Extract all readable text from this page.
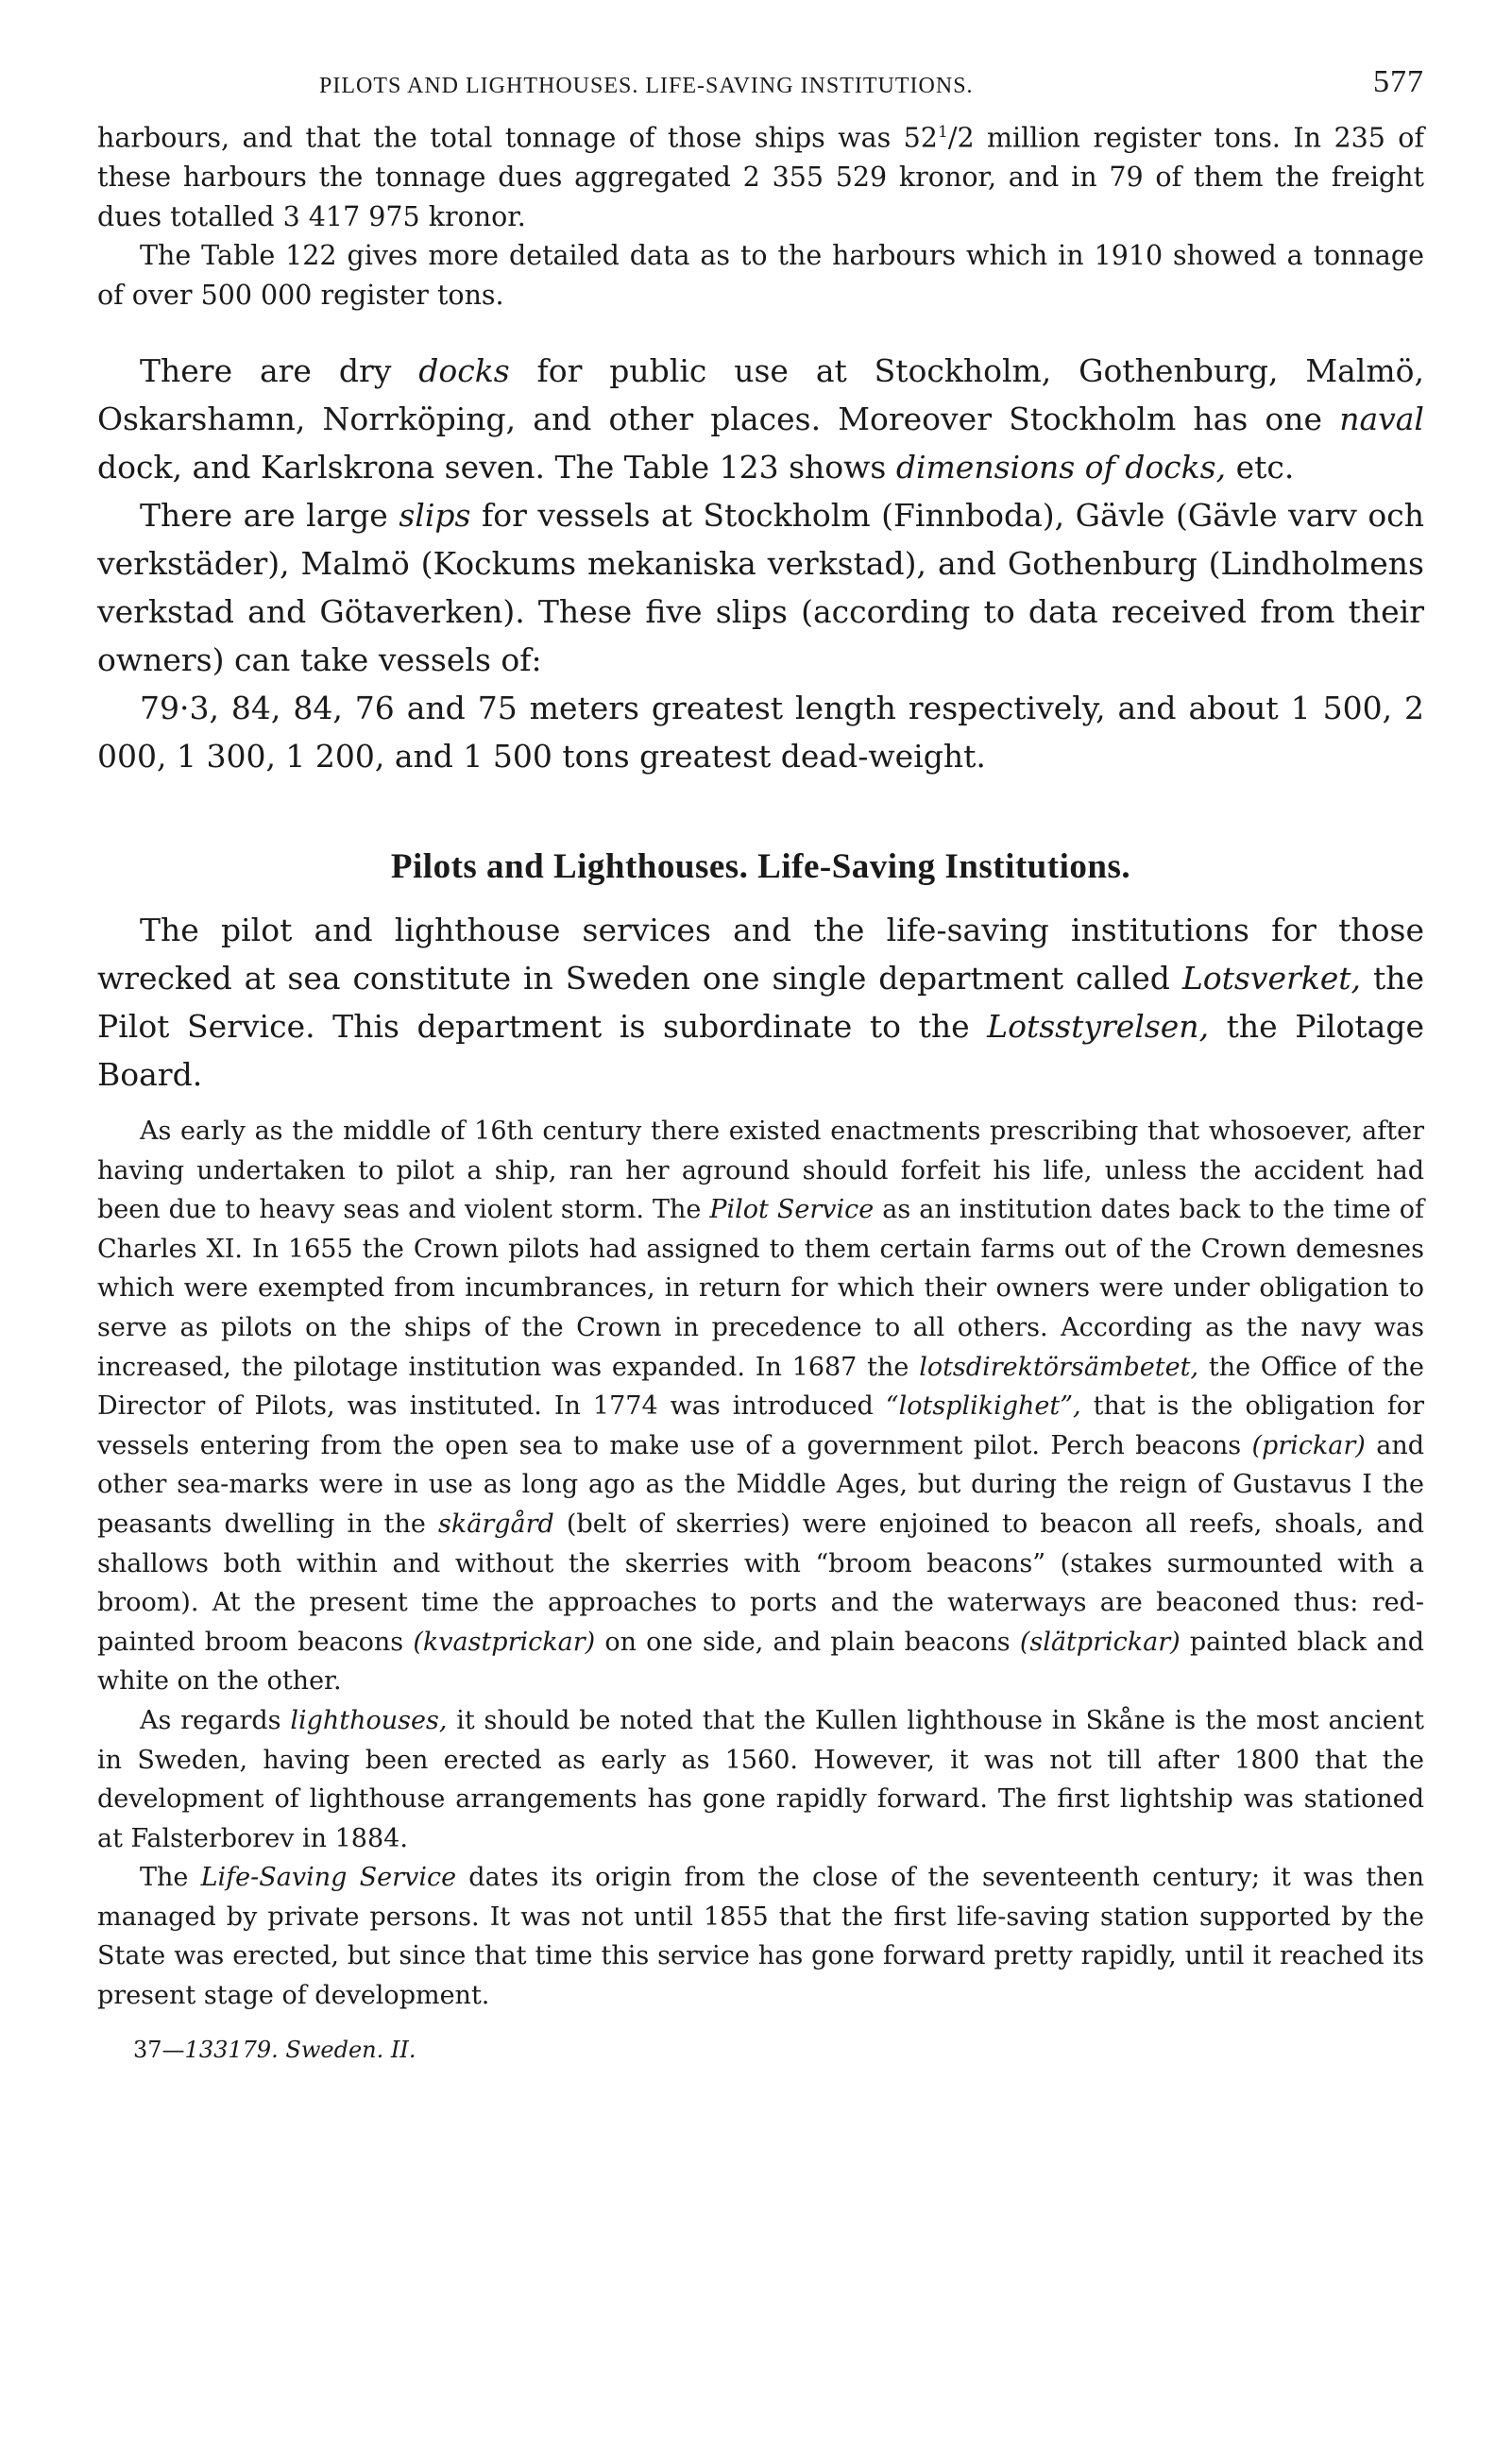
PILOTS AND LIGHTHOUSES. LIFE-SAVING INSTITUTIONS.	577

harbours, and that the total tonnage of those ships was $52^1/2$ million register tons. In 235 of these harbours the tonnage dues aggregated 2 355 529 kronor, and in 79 of them the freight dues totalled 3 417 975 kronor.

The Table 122 gives more detailed data as to the harbours which in 1910 showed a tonnage of over 500 000 register tons.

There are dry docks for public use at Stockholm, Gothenburg, Malmö, Oskarshamn, Norrköping, and other places. Moreover Stockholm has one naval dock, and Karlskrona seven. The Table 123 shows dimensions of docks, etc.

There are large slips for vessels at Stockholm (Finnboda), Gävle (Gävle varv och verkstäder), Malmö (Kockums mekaniska verkstad), and Gothenburg (Lindholmens verkstad and Götaverken). These five slips (according to data received from their owners) can take vessels of:

79·3, 84, 84, 76 and 75 meters greatest length respectively, and about 1 500, 2 000, 1 300, 1 200, and 1 500 tons greatest dead-weight.

Pilots and Lighthouses. Life-Saving Institutions.

The pilot and lighthouse services and the life-saving institutions for those wrecked at sea constitute in Sweden one single department called Lotsverket, the Pilot Service. This department is subordinate to the Lotsstyrelsen, the Pilotage Board.

As early as the middle of 16th century there existed enactments prescribing that whosoever, after having undertaken to pilot a ship, ran her aground should forfeit his life, unless the accident had been due to heavy seas and violent storm. The Pilot Service as an institution dates back to the time of Charles XI. In 1655 the Crown pilots had assigned to them certain farms out of the Crown demesnes which were exempted from incumbrances, in return for which their owners were under obligation to serve as pilots on the ships of the Crown in precedence to all others. According as the navy was increased, the pilotage institution was expanded. In 1687 the lotsdirektörsämbetet, the Office of the Director of Pilots, was instituted. In 1774 was introduced “lotsplikighet”, that is the obligation for vessels entering from the open sea to make use of a government pilot. Perch beacons (prickar) and other sea-marks were in use as long ago as the Middle Ages, but during the reign of Gustavus I the peasants dwelling in the skärgård (belt of skerries) were enjoined to beacon all reefs, shoals, and shallows both within and without the skerries with “broom beacons” (stakes surmounted with a broom). At the present time the approaches to ports and the waterways are beaconed thus: red-painted broom beacons (kvastprickar) on one side, and plain beacons (slätprickar) painted black and white on the other.

As regards lighthouses, it should be noted that the Kullen lighthouse in Skåne is the most ancient in Sweden, having been erected as early as 1560. However, it was not till after 1800 that the development of lighthouse arrangements has gone rapidly forward. The first lightship was stationed at Falsterborev in 1884.

The Life-Saving Service dates its origin from the close of the seventeenth century; it was then managed by private persons. It was not until 1855 that the first life-saving station supported by the State was erected, but since that time this service has gone forward pretty rapidly, until it reached its present stage of development.

37—133179. Sweden. II.
